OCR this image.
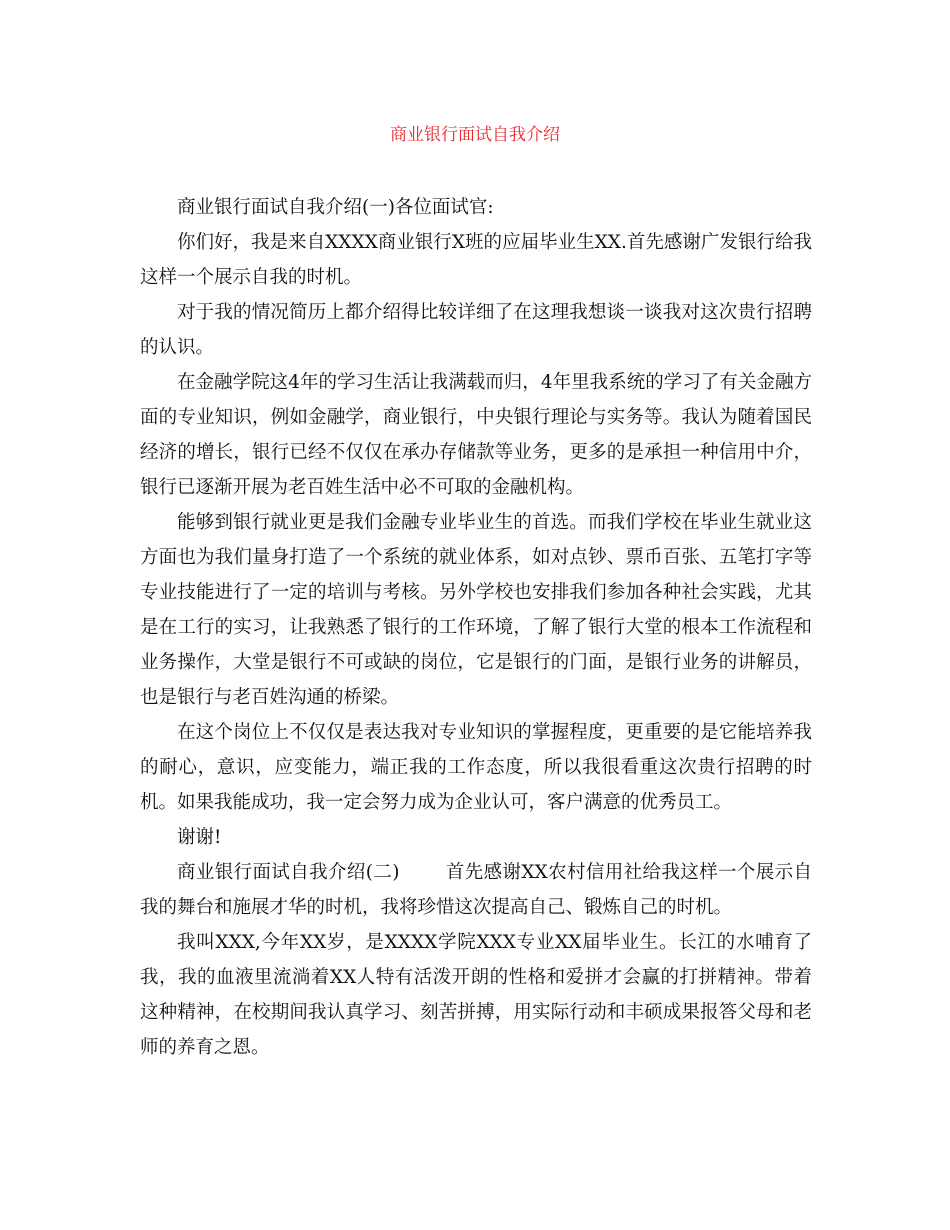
商业银行面试自我介绍

商业银行面试自我介绍(一)各位面试官:

你们好，我是来自XXXX商业银行X班的应届毕业生XX.首先感谢广发银行给我这样一个展示自我的时机。

对于我的情况简历上都介绍得比较详细了在这理我想谈一谈我对这次贵行招聘的认识。

在金融学院这4年的学习生活让我满载而归，4年里我系统的学习了有关金融方面的专业知识，例如金融学，商业银行，中央银行理论与实务等。我认为随着国民经济的增长，银行已经不仅仅在承办存储款等业务，更多的是承担一种信用中介，银行已逐渐开展为老百姓生活中必不可取的金融机构。

能够到银行就业更是我们金融专业毕业生的首选。而我们学校在毕业生就业这方面也为我们量身打造了一个系统的就业体系，如对点钞、票币百张、五笔打字等专业技能进行了一定的培训与考核。另外学校也安排我们参加各种社会实践，尤其是在工行的实习，让我熟悉了银行的工作环境，了解了银行大堂的根本工作流程和业务操作，大堂是银行不可或缺的岗位，它是银行的门面，是银行业务的讲解员，也是银行与老百姓沟通的桥梁。

在这个岗位上不仅仅是表达我对专业知识的掌握程度，更重要的是它能培养我的耐心，意识，应变能力，端正我的工作态度，所以我很看重这次贵行招聘的时机。如果我能成功，我一定会努力成为企业认可，客户满意的优秀员工。

谢谢!

商业银行面试自我介绍(二) 首先感谢XX农村信用社给我这样一个展示自我的舞台和施展才华的时机，我将珍惜这次提高自己、锻炼自己的时机。

我叫XXX,今年XX岁，是XXXX学院XXX专业XX届毕业生。长江的水哺育了我，我的血液里流淌着XX人特有活泼开朗的性格和爱拼才会赢的打拼精神。带着这种精神，在校期间我认真学习、刻苦拼搏，用实际行动和丰硕成果报答父母和老师的养育之恩。
